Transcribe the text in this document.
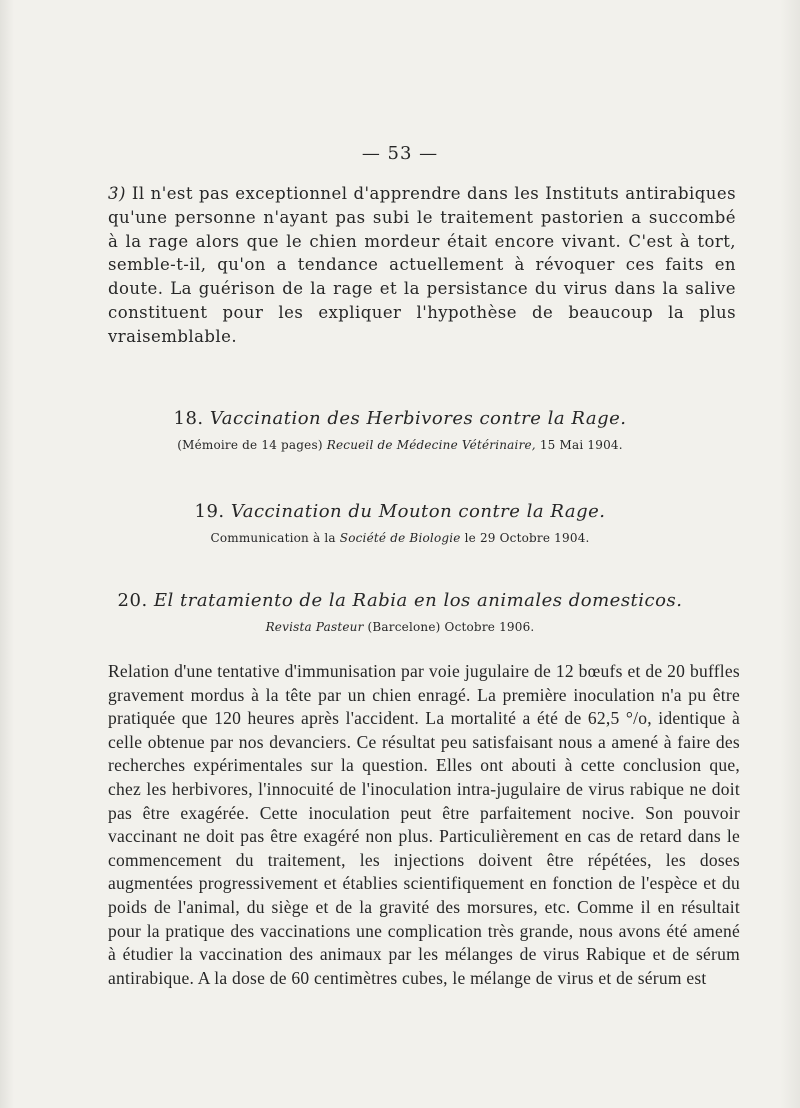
— 53 —

3) Il n'est pas exceptionnel d'apprendre dans les Instituts antirabiques qu'une personne n'ayant pas subi le traitement pastorien a succombé à la rage alors que le chien mordeur était encore vivant. C'est à tort, semble-t-il, qu'on a tendance actuellement à révoquer ces faits en doute. La guérison de la rage et la persistance du virus dans la salive constituent pour les expliquer l'hypothèse de beaucoup la plus vraisemblable.

18. Vaccination des Herbivores contre la Rage.
(Mémoire de 14 pages) Recueil de Médecine Vétérinaire, 15 Mai 1904.
19. Vaccination du Mouton contre la Rage.
Communication à la Société de Biologie le 29 Octobre 1904.
20. El tratamiento de la Rabia en los animales domesticos.
Revista Pasteur (Barcelone) Octobre 1906.

Relation d'une tentative d'immunisation par voie jugulaire de 12 bœufs et de 20 buffles gravement mordus à la tête par un chien enragé. La première inoculation n'a pu être pratiquée que 120 heures après l'accident. La mortalité a été de 62,5 °/o, identique à celle obtenue par nos devanciers. Ce résultat peu satisfaisant nous a amené à faire des recherches expérimentales sur la question. Elles ont abouti à cette conclusion que, chez les herbivores, l'innocuité de l'inoculation intra-jugulaire de virus rabique ne doit pas être exagérée. Cette inoculation peut être parfaitement nocive. Son pouvoir vaccinant ne doit pas être exagéré non plus. Particulièrement en cas de retard dans le commencement du traitement, les injections doivent être répétées, les doses augmentées progressivement et établies scientifiquement en fonction de l'espèce et du poids de l'animal, du siège et de la gravité des morsures, etc. Comme il en résultait pour la pratique des vaccinations une complication très grande, nous avons été amené à étudier la vaccination des animaux par les mélanges de virus Rabique et de sérum antirabique. A la dose de 60 centimètres cubes, le mélange de virus et de sérum est
